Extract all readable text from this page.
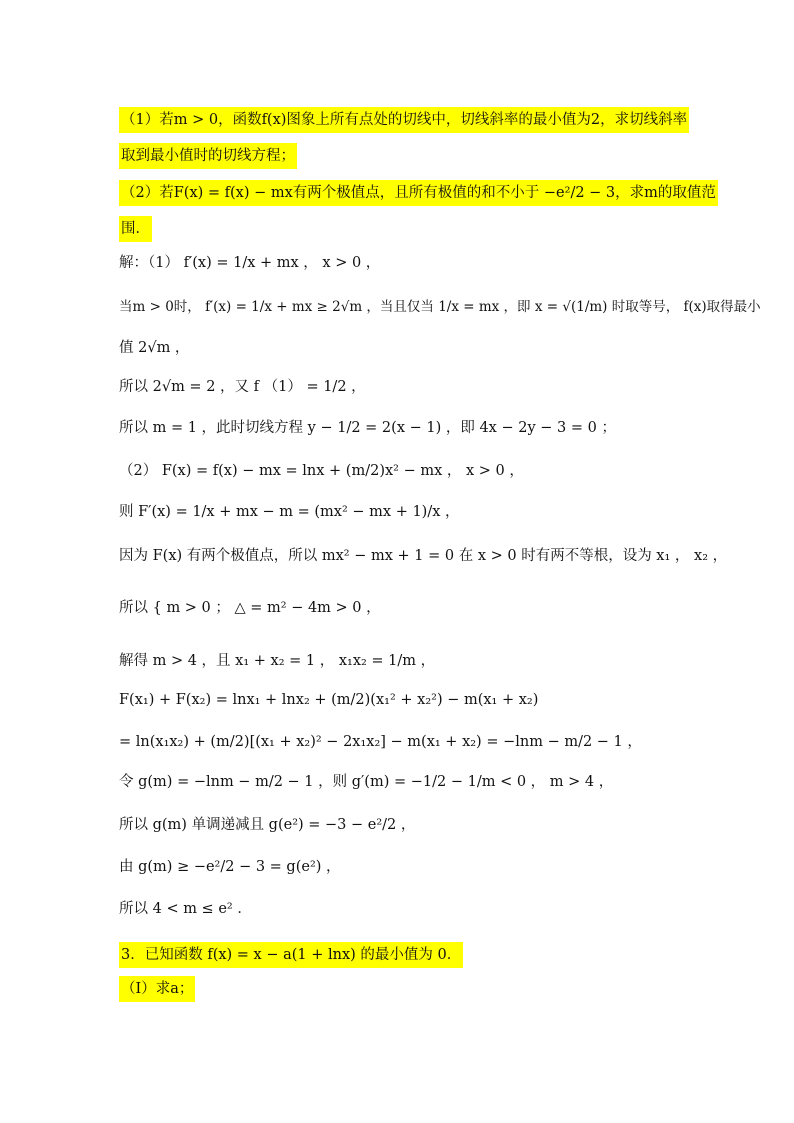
（1）若m > 0，函数f(x)图象上所有点处的切线中，切线斜率的最小值为2，求切线斜率
取到最小值时的切线方程；
（2）若F(x) = f(x) − mx有两个极值点，且所有极值的和不小于 −e²/2 − 3，求m的取值范
围．
解：（1） f′(x) = 1/x + mx ， x > 0 ，
当m > 0时， f′(x) = 1/x + mx ≥ 2√m ，当且仅当 1/x = mx ，即 x = √(1/m) 时取等号， f(x)取得最小
值 2√m ，
所以 2√m = 2 ，又 f （1） = 1/2 ，
所以 m = 1 ，此时切线方程 y − 1/2 = 2(x − 1) ，即 4x − 2y − 3 = 0 ；
（2） F(x) = f(x) − mx = lnx + (m/2)x² − mx ， x > 0 ，
则 F′(x) = 1/x + mx − m = (mx² − mx + 1)/x ，
因为 F(x) 有两个极值点，所以 mx² − mx + 1 = 0 在 x > 0 时有两不等根，设为 x₁ ， x₂ ，
所以 { m > 0 ； △ = m² − 4m > 0 ，
解得 m > 4 ，且 x₁ + x₂ = 1 ， x₁x₂ = 1/m ，
F(x₁) + F(x₂) = lnx₁ + lnx₂ + (m/2)(x₁² + x₂²) − m(x₁ + x₂)
= ln(x₁x₂) + (m/2)[(x₁ + x₂)² − 2x₁x₂] − m(x₁ + x₂) = −lnm − m/2 − 1 ，
令 g(m) = −lnm − m/2 − 1 ，则 g′(m) = −1/2 − 1/m < 0 ， m > 4 ，
所以 g(m) 单调递减且 g(e²) = −3 − e²/2 ，
由 g(m) ≥ −e²/2 − 3 = g(e²) ，
所以 4 < m ≤ e² ．
3．已知函数 f(x) = x − a(1 + lnx) 的最小值为 0．
（Ⅰ）求a；
